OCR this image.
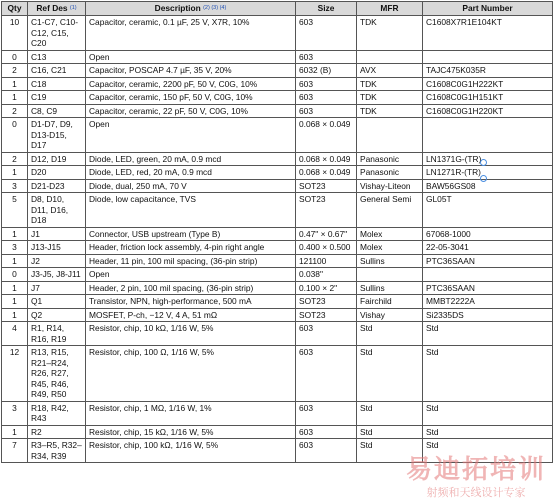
Qty	Ref Des $^{(1)}$	Description $^{(2) (3) (4)}$	Size	MFR	Part Number
10	C1-C7, C10-C12, C15, C20	Capacitor, ceramic, 0.1 µF, 25 V, X7R, 10%	603	TDK	C1608X7R1E104KT
0	C13	Open	603		
2	C16, C21	Capacitor, POSCAP 4.7 µF, 35 V, 20%	6032 (B)	AVX	TAJC475K035R
1	C18	Capacitor, ceramic, 2200 pF, 50 V, C0G, 10%	603	TDK	C1608C0G1H222KT
1	C19	Capacitor, ceramic, 150 pF, 50 V, C0G, 10%	603	TDK	C1608C0G1H151KT
2	C8, C9	Capacitor, ceramic, 22 pF, 50 V, C0G, 10%	603	TDK	C1608C0G1H220KT
0	D1-D7, D9, D13-D15, D17	Open	0.068 × 0.049		
2	D12, D19	Diode, LED, green, 20 mA, 0.9 mcd	0.068 × 0.049	Panasonic	LN1371G-(TR)
1	D20	Diode, LED, red, 20 mA, 0.9 mcd	0.068 × 0.049	Panasonic	LN1271R-(TR)
3	D21-D23	Diode, dual, 250 mA, 70 V	SOT23	Vishay-Liteon	BAW56GS08
5	D8, D10, D11, D16, D18	Diode, low capacitance, TVS	SOT23	General Semi	GL05T
1	J1	Connector, USB upstream (Type B)	0.47" × 0.67"	Molex	67068-1000
3	J13-J15	Header, friction lock assembly, 4-pin right angle	0.400 × 0.500	Molex	22-05-3041
1	J2	Header, 11 pin, 100 mil spacing, (36-pin strip)	121100	Sullins	PTC36SAAN
0	J3-J5, J8-J11	Open	0.038"		
1	J7	Header, 2 pin, 100 mil spacing, (36-pin strip)	0.100 × 2"	Sullins	PTC36SAAN
1	Q1	Transistor, NPN, high-performance, 500 mA	SOT23	Fairchild	MMBT2222A
1	Q2	MOSFET, P-ch, −12 V, 4 A, 51 mΩ	SOT23	Vishay	Si2335DS
4	R1, R14, R16, R19	Resistor, chip, 10 kΩ, 1/16 W, 5%	603	Std	Std
12	R13, R15, R21–R24, R26, R27, R45, R46, R49, R50	Resistor, chip, 100 Ω, 1/16 W, 5%	603	Std	Std
3	R18, R42, R43	Resistor, chip, 1 MΩ, 1/16 W, 1%	603	Std	Std
1	R2	Resistor, chip, 15 kΩ, 1/16 W, 5%	603	Std	Std
7	R3–R5, R32–R34, R39	Resistor, chip, 100 kΩ, 1/16 W, 5%	603	Std	Std
易迪拓培训
射频和天线设计专家
